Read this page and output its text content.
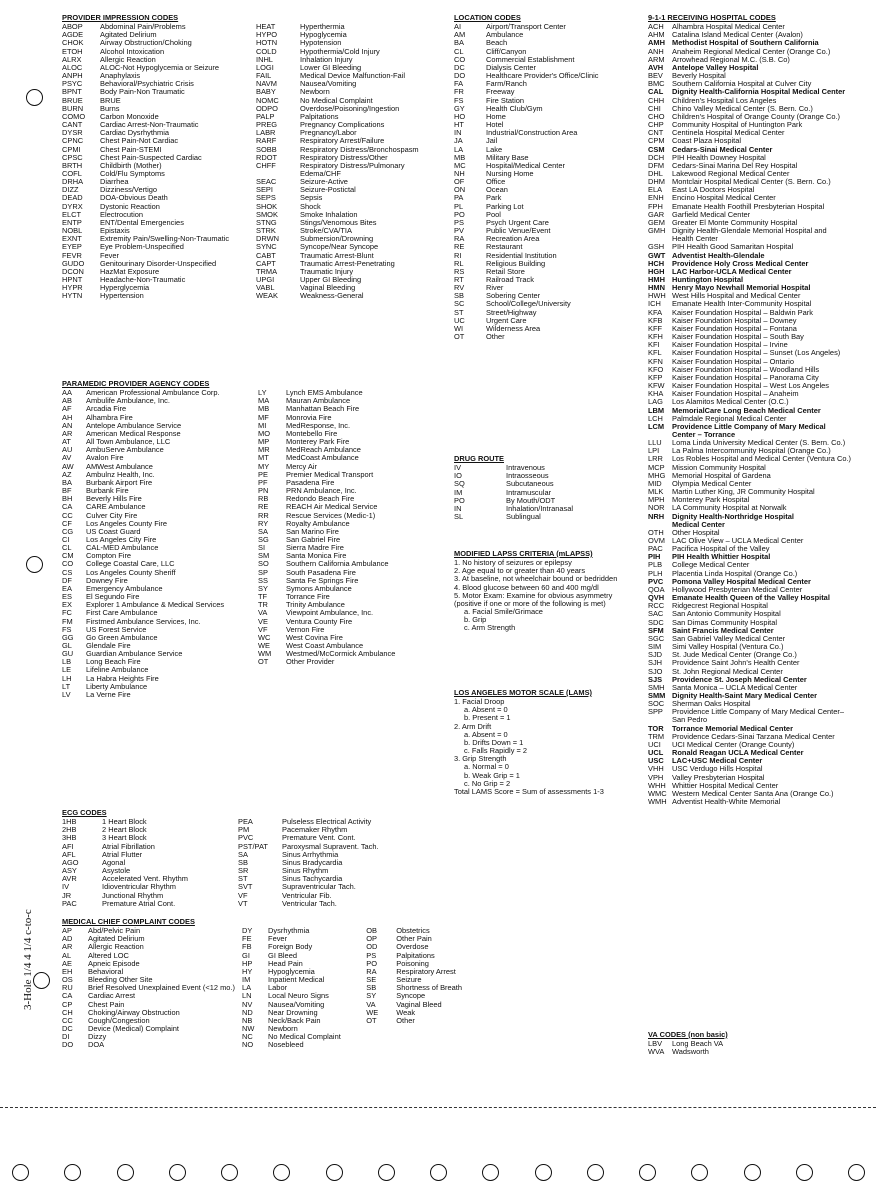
PROVIDER IMPRESSION CODES
ABOP	Abdominal Pain/Problems
AGDE	Agitated Delirium
CHOK	Airway Obstruction/Choking
ETOH	Alcohol Intoxication
ALRX	Allergic Reaction
ALOC	ALOC-Not Hypoglycemia or Seizure
ANPH	Anaphylaxis
PSYC	Behavioral/Psychiatric Crisis
BPNT	Body Pain-Non Traumatic
BRUE	BRUE
BURN	Burns
COMO	Carbon Monoxide
CANT	Cardiac Arrest-Non-Traumatic
DYSR	Cardiac Dysrhythmia
CPNC	Chest Pain-Not Cardiac
CPMI	Chest Pain-STEMI
CPSC	Chest Pain-Suspected Cardiac
BRTH	Childbirth (Mother)
COFL	Cold/Flu Symptoms
DRHA	Diarrhea
DIZZ	Dizziness/Vertigo
DEAD	DOA-Obvious Death
DYRX	Dystonic Reaction
ELCT	Electrocution
ENTP	ENT/Dental Emergencies
NOBL	Epistaxis
EXNT	Extremity Pain/Swelling-Non-Traumatic
EYEP	Eye Problem-Unspecified
FEVR	Fever
GUDO	Genitourinary Disorder-Unspecified
DCON	HazMat Exposure
HPNT	Headache-Non-Traumatic
HYPR	Hyperglycemia
HYTN	Hypertension
HEAT	Hyperthermia
HYPO	Hypoglycemia
HOTN	Hypotension
COLD	Hypothermia/Cold Injury
INHL	Inhalation Injury
LOGI	Lower GI Bleeding
FAIL	Medical Device Malfunction-Fail
NAVM	Nausea/Vomiting
BABY	Newborn
NOMC	No Medical Complaint
ODPO	Overdose/Poisoning/Ingestion
PALP	Palpitations
PREG	Pregnancy Complications
LABR	Pregnancy/Labor
RARF	Respiratory Arrest/Failure
SOBB	Respiratory Distress/Bronchospasm
RDOT	Respiratory Distress/Other
CHFF	Respiratory Distress/Pulmonary
Edema/CHF
SEAC	Seizure-Active
SEPI	Seizure-Postictal
SEPS	Sepsis
SHOK	Shock
SMOK	Smoke Inhalation
STNG	Stings/Venomous Bites
STRK	Stroke/CVA/TIA
DRWN	Submersion/Drowning
SYNC	Syncope/Near Syncope
CABT	Traumatic Arrest-Blunt
CAPT	Traumatic Arrest-Penetrating
TRMA	Traumatic Injury
UPGI	Upper GI Bleeding
VABL	Vaginal Bleeding
WEAK	Weakness-General
PARAMEDIC PROVIDER AGENCY CODES
AA	American Professional Ambulance Corp.
AB	Ambulife Ambulance, Inc.
AF	Arcadia Fire
AH	Alhambra Fire
AN	Antelope Ambulance Service
AR	American Medical Response
AT	All Town Ambulance, LLC
AU	AmbuServe Ambulance
AV	Avalon Fire
AW	AMWest Ambulance
AZ	Ambulnz Health, Inc.
BA	Burbank Airport Fire
BF	Burbank Fire
BH	Beverly Hills Fire
CA	CARE Ambulance
CC	Culver City Fire
CF	Los Angeles County Fire
CG	US Coast Guard
CI	Los Angeles City Fire
CL	CAL-MED Ambulance
CM	Compton Fire
CO	College Coastal Care, LLC
CS	Los Angeles County Sheriff
DF	Downey Fire
EA	Emergency Ambulance
ES	El Segundo Fire
EX	Explorer 1 Ambulance & Medical Services
FC	First Care Ambulance
FM	Firstmed Ambulance Services, Inc.
FS	US Forest Service
GG	Go Green Ambulance
GL	Glendale Fire
GU	Guardian Ambulance Service
LB	Long Beach Fire
LE	Lifeline Ambulance
LH	La Habra Heights Fire
LT	Liberty Ambulance
LV	La Verne Fire
LY	Lynch EMS Ambulance
MA	Mauran Ambulance
MB	Manhattan Beach Fire
MF	Monrovia Fire
MI	MedResponse, Inc.
MO	Montebello Fire
MP	Monterey Park Fire
MR	MedReach Ambulance
MT	MedCoast Ambulance
MY	Mercy Air
PE	Premier Medical Transport
PF	Pasadena Fire
PN	PRN Ambulance, Inc.
RB	Redondo Beach Fire
RE	REACH Air Medical Service
RR	Rescue Services (Medic-1)
RY	Royalty Ambulance
SA	San Marino Fire
SG	San Gabriel Fire
SI	Sierra Madre Fire
SM	Santa Monica Fire
SO	Southern California Ambulance
SP	South Pasadena Fire
SS	Santa Fe Springs Fire
SY	Symons Ambulance
TF	Torrance Fire
TR	Trinity Ambulance
VA	Viewpoint Ambulance, Inc.
VE	Ventura County Fire
VF	Vernon Fire
WC	West Covina Fire
WE	West Coast Ambulance
WM	Westmed/McCormick Ambulance
OT	Other Provider
ECG CODES
1HB	1 Heart Block
2HB	2 Heart Block
3HB	3 Heart Block
AFI	Atrial Fibrillation
AFL	Atrial Flutter
AGO	Agonal
ASY	Asystole
AVR	Accelerated Vent. Rhythm
IV	Idioventricular Rhythm
JR	Junctional Rhythm
PAC	Premature Atrial Cont.
PEA	Pulseless Electrical Activity
PM	Pacemaker Rhythm
PVC	Premature Vent. Cont.
PST/PAT	Paroxysmal Supravent. Tach.
SA	Sinus Arrhythmia
SB	Sinus Bradycardia
SR	Sinus Rhythm
ST	Sinus Tachycardia
SVT	Supraventricular Tach.
VF	Ventricular Fib.
VT	Ventricular Tach.
MEDICAL CHIEF COMPLAINT CODES
AP	Abd/Pelvic Pain
AD	Agitated Delirium
AR	Allergic Reaction
AL	Altered LOC
AE	Apneic Episode
EH	Behavioral
OS	Bleeding Other Site
RU	Brief Resolved Unexplained Event (<12 mo.)
CA	Cardiac Arrest
CP	Chest Pain
CH	Choking/Airway Obstruction
CC	Cough/Congestion
DC	Device (Medical) Complaint
DI	Dizzy
DO	DOA
DY	Dysrhythmia
FE	Fever
FB	Foreign Body
GI	GI Bleed
HP	Head Pain
HY	Hypoglycemia
IM	Inpatient Medical
LA	Labor
LN	Local Neuro Signs
NV	Nausea/Vomiting
ND	Near Drowning
NB	Neck/Back Pain
NW	Newborn
NC	No Medical Complaint
NO	Nosebleed
OB	Obstetrics
OP	Other Pain
OD	Overdose
PS	Palpitations
PO	Poisoning
RA	Respiratory Arrest
SE	Seizure
SB	Shortness of Breath
SY	Syncope
VA	Vaginal Bleed
WE	Weak
OT	Other
LOCATION CODES
AI	Airport/Transport Center
AM	Ambulance
BA	Beach
CL	Cliff/Canyon
CO	Commercial Establishment
DC	Dialysis Center
DO	Healthcare Provider's Office/Clinic
FA	Farm/Ranch
FR	Freeway
FS	Fire Station
GY	Health Club/Gym
HO	Home
HT	Hotel
IN	Industrial/Construction Area
JA	Jail
LA	Lake
MB	Military Base
MC	Hospital/Medical Center
NH	Nursing Home
OF	Office
ON	Ocean
PA	Park
PL	Parking Lot
PO	Pool
PS	Psych Urgent Care
PV	Public Venue/Event
RA	Recreation Area
RE	Restaurant
RI	Residential Institution
RL	Religious Building
RS	Retail Store
RT	Railroad Track
RV	River
SB	Sobering Center
SC	School/College/University
ST	Street/Highway
UC	Urgent Care
WI	Wilderness Area
OT	Other
DRUG ROUTE
IV	Intravenous
IO	Intraosseous
SQ	Subcutaneous
IM	Intramuscular
PO	By Mouth/ODT
IN	Inhalation/Intranasal
SL	Sublingual
MODIFIED LAPSS CRITERIA (mLAPSS)
1. No history of seizures or epilepsy
2. Age equal to or greater than 40 years
3. At baseline, not wheelchair bound or bedridden
4. Blood glucose between 60 and 400 mg/dl
5. Motor Exam: Examine for obvious asymmetry
(positive if one or more of the following is met)
a. Facial Smile/Grimace
b. Grip
c. Arm Strength
LOS ANGELES MOTOR SCALE (LAMS)
1. Facial Droop
a. Absent = 0
b. Present = 1
2. Arm Drift
a. Absent = 0
b. Drifts Down = 1
c. Falls Rapidly = 2
3. Grip Strength
a. Normal = 0
b. Weak Grip = 1
c. No Grip = 2
Total LAMS Score = Sum of assessments 1-3
9-1-1 RECEIVING HOSPITAL CODES
ACH	Alhambra Hospital Medical Center
AHM	Catalina Island Medical Center (Avalon)
AMH Methodist Hospital of Southern California
ANH	Anaheim Regional Medical Center (Orange Co.)
ARM	Arrowhead Regional M.C. (S.B. Co)
AVH	Antelope Valley Hospital
BEV	Beverly Hospital
BMC	Southern California Hospital at Culver City
CAL	Dignity Health-California Hospital Medical Center
CHH	Children's Hospital Los Angeles
CHI	Chino Valley Medical Center (S. Bern. Co.)
CHO	Children's Hospital of Orange County (Orange Co.)
CHP	Community Hospital of Huntington Park
CNT	Centinela Hospital Medical Center
CPM	Coast Plaza Hospital
CSM	Cedars-Sinai Medical Center
DCH	PIH Health Downey Hospital
DFM	Cedars-Sinai Marina Del Rey Hospital
DHL	Lakewood Regional Medical Center
DHM Montclair Hospital Medical Center (S. Bern. Co.)
ELA	East LA Doctors Hospital
ENH	Encino Hospital Medical Center
FPH	Emanate Health Foothill Presbyterian Hospital
GAR	Garfield Medical Center
GEM Greater El Monte Community Hospital
GMH Dignity Health-Glendale Memorial Hospital and
Health Center
GSH	PIH Health Good Samaritan Hospital
GWT Adventist Health-Glendale
HCH	Providence Holy Cross Medical Center
HGH	LAC Harbor-UCLA Medical Center
HMH Huntington Hospital
HMN Henry Mayo Newhall Memorial Hospital
HWH West Hills Hospital and Medical Center
ICH	Emanate Health Inter-Community Hospital
KFA	Kaiser Foundation Hospital – Baldwin Park
KFB	Kaiser Foundation Hospital – Downey
KFF	Kaiser Foundation Hospital – Fontana
KFH	Kaiser Foundation Hospital – South Bay
KFI	Kaiser Foundation Hospital – Irvine
KFL	Kaiser Foundation Hospital – Sunset (Los Angeles)
KFN	Kaiser Foundation Hospital – Ontario
KFO	Kaiser Foundation Hospital – Woodland Hills
KFP	Kaiser Foundation Hospital – Panorama City
KFW	Kaiser Foundation Hospital – West Los Angeles
KHA	Kaiser Foundation Hospital – Anaheim
LAG	Los Alamitos Medical Center (O.C.)
LBM	MemorialCare Long Beach Medical Center
LCH	Palmdale Regional Medical Center
LCM	Providence Little Company of Mary Medical
Center – Torrance
LLU	Loma Linda University Medical Center (S. Bern. Co.)
LPI	La Palma Intercommunity Hospital (Orange Co.)
LRR	Los Robles Hospital and Medical Center (Ventura Co.)
MCP	Mission Community Hospital
MHG Memorial Hospital of Gardena
MID	Olympia Medical Center
MLK	Martin Luther King, JR Community Hospital
MPH	Monterey Park Hospital
NOR	LA Community Hospital at Norwalk
NRH	Dignity Health-Northridge Hospital
Medical Center
OTH	Other Hospital
OVM LAC Olive View – UCLA Medical Center
PAC	Pacifica Hospital of the Valley
PIH	PIH Health Whittier Hospital
PLB	College Medical Center
PLH	Placentia Linda Hospital (Orange Co.)
PVC	Pomona Valley Hospital Medical Center
QOA	Hollywood Presbyterian Medical Center
QVH	Emanate Health Queen of the Valley Hospital
RCC	Ridgecrest Regional Hospital
SAC	San Antonio Community Hospital
SDC	San Dimas Community Hospital
SFM	Saint Francis Medical Center
SGC	San Gabriel Valley Medical Center
SIM	Simi Valley Hospital (Ventura Co.)
SJD	St. Jude Medical Center (Orange Co.)
SJH	Providence Saint John's Health Center
SJO	St. John Regional Medical Center
SJS	Providence St. Joseph Medical Center
SMH	Santa Monica – UCLA Medical Center
SMM Dignity Health-Saint Mary Medical Center
SOC	Sherman Oaks Hospital
SPP	Providence Little Company of Mary Medical Center–
San Pedro
TOR	Torrance Memorial Medical Center
TRM	Providence Cedars-Sinai Tarzana Medical Center
UCI	UCI Medical Center (Orange County)
UCL	Ronald Reagan UCLA Medical Center
USC	LAC+USC Medical Center
VHH	USC Verdugo Hills Hospital
VPH	Valley Presbyterian Hospital
WHH Whittier Hospital Medical Center
WMC Western Medical Center Santa Ana (Orange Co.)
WMH Adventist Health-White Memorial
VA CODES (non basic)
LBV	Long Beach VA
WVA	Wadsworth
3-Hole 1/4 4 1/4 c-to-c
